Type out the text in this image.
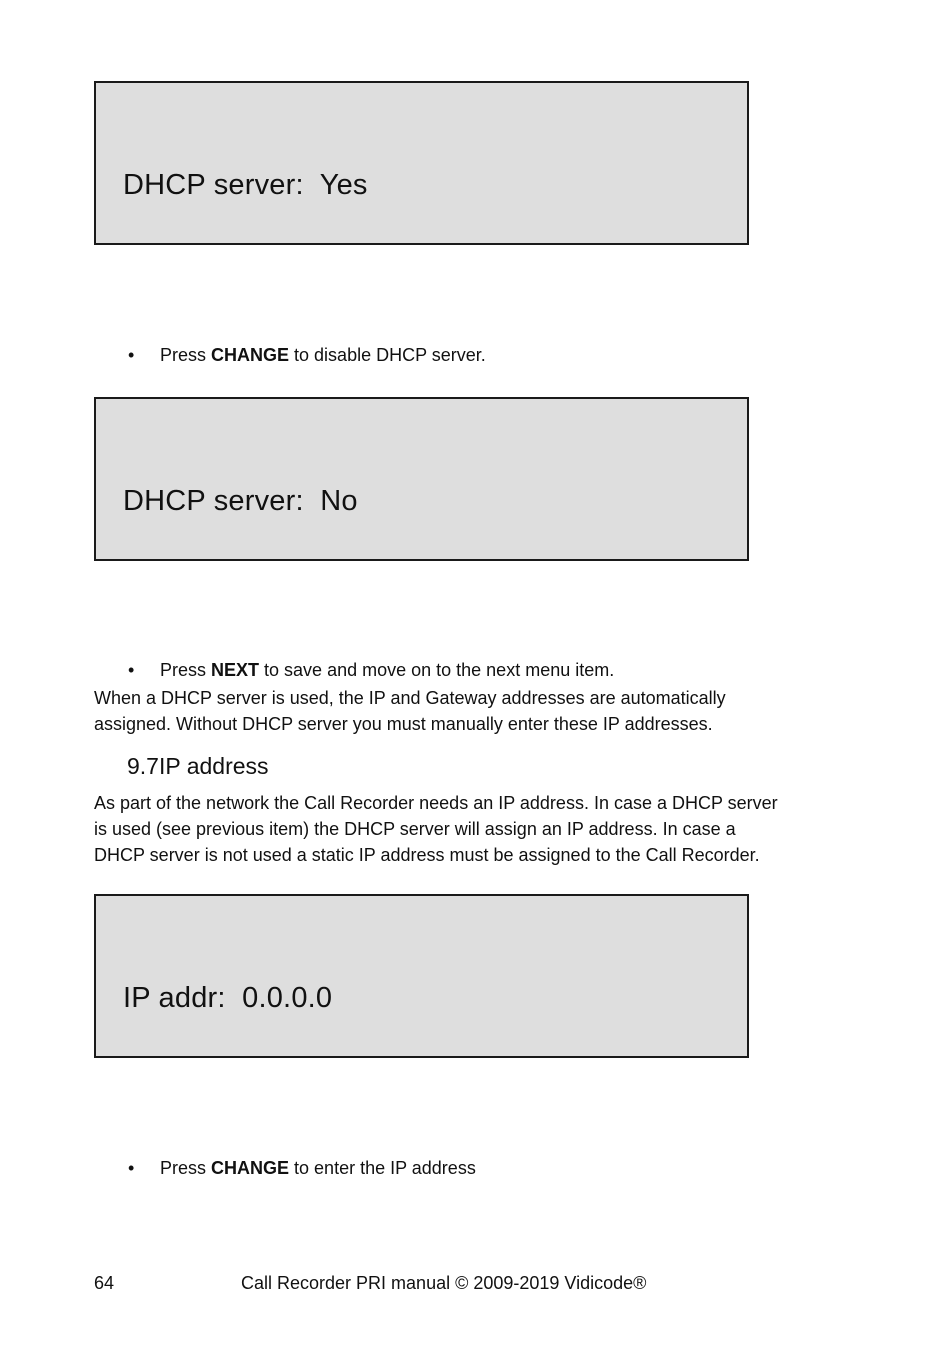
DHCP server:  Yes

•

Press CHANGE to disable DHCP server.

DHCP server:  No

•

Press NEXT to save and move on to the next menu item.

When a DHCP server is used, the IP and Gateway addresses are automatically
assigned. Without DHCP server you must manually enter these IP addresses.
9.7IP address
As part of the network the Call Recorder needs an IP address. In case a DHCP server
is used (see previous item) the DHCP server will assign an IP address. In case a
DHCP server is not used a static IP address must be assigned to the Call Recorder.
IP addr:  0.0.0.0

•

Press CHANGE to enter the IP address

64	Call Recorder PRI manual © 2009-2019 Vidicode®
